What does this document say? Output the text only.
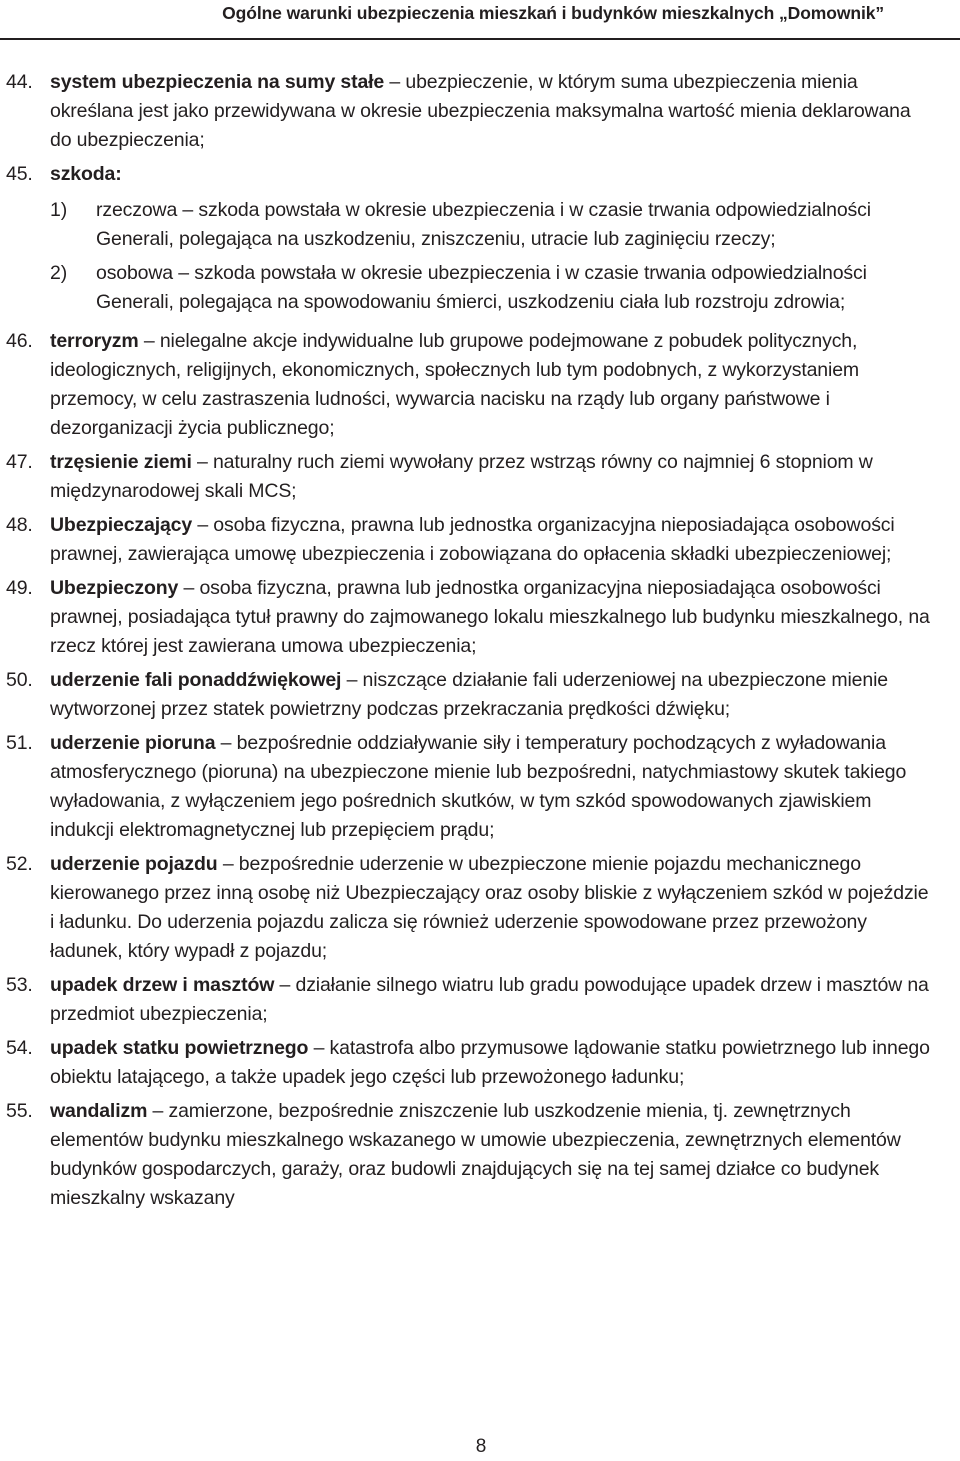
Ogólne warunki ubezpieczenia mieszkań i budynków mieszkalnych „Domownik”
44. system ubezpieczenia na sumy stałe – ubezpieczenie, w którym suma ubezpieczenia mienia określana jest jako przewidywana w okresie ubezpieczenia maksymalna wartość mienia deklarowana do ubezpieczenia;
45. szkoda:
1)	rzeczowa – szkoda powstała w okresie ubezpieczenia i w czasie trwania odpowiedzialności Generali, polegająca na uszkodzeniu, zniszczeniu, utracie lub zaginięciu rzeczy;
2)	osobowa – szkoda powstała w okresie ubezpieczenia i w czasie trwania odpowiedzialności Generali, polegająca na spowodowaniu śmierci, uszkodzeniu ciała lub rozstroju zdrowia;
46. terroryzm – nielegalne akcje indywidualne lub grupowe podejmowane z pobudek politycznych, ideologicznych, religijnych, ekonomicznych, społecznych lub tym podobnych, z wykorzystaniem przemocy, w celu zastraszenia ludności, wywarcia nacisku na rządy lub organy państwowe i dezorganizacji życia publicznego;
47. trzęsienie ziemi – naturalny ruch ziemi wywołany przez wstrząs równy co najmniej 6 stopniom w międzynarodowej skali MCS;
48. Ubezpieczający – osoba fizyczna, prawna lub jednostka organizacyjna nieposiadająca osobowości prawnej, zawierająca umowę ubezpieczenia i zobowiązana do opłacenia składki ubezpieczeniowej;
49. Ubezpieczony – osoba fizyczna, prawna lub jednostka organizacyjna nieposiadająca osobowości prawnej, posiadająca tytuł prawny do zajmowanego lokalu mieszkalnego lub budynku mieszkalnego, na rzecz której jest zawierana umowa ubezpieczenia;
50. uderzenie fali ponaddźwiękowej – niszczące działanie fali uderzeniowej na ubezpieczone mienie wytworzonej przez statek powietrzny podczas przekraczania prędkości dźwięku;
51. uderzenie pioruna – bezpośrednie oddziaływanie siły i temperatury pochodzących z wyładowania atmosferycznego (pioruna) na ubezpieczone mienie lub bezpośredni, natychmiastowy skutek takiego wyładowania, z wyłączeniem jego pośrednich skutków, w tym szkód spowodowanych zjawiskiem indukcji elektromagnetycznej lub przepięciem prądu;
52. uderzenie pojazdu – bezpośrednie uderzenie w ubezpieczone mienie pojazdu mechanicznego kierowanego przez inną osobę niż Ubezpieczający oraz osoby bliskie z wyłączeniem szkód w pojeździe i ładunku. Do uderzenia pojazdu zalicza się również uderzenie spowodowane przez przewożony ładunek, który wypadł z pojazdu;
53. upadek drzew i masztów – działanie silnego wiatru lub gradu powodujące upadek drzew i masztów na przedmiot ubezpieczenia;
54. upadek statku powietrznego – katastrofa albo przymusowe lądowanie statku powietrznego lub innego obiektu latającego, a także upadek jego części lub przewożonego ładunku;
55. wandalizm – zamierzone, bezpośrednie zniszczenie lub uszkodzenie mienia, tj. zewnętrznych elementów budynku mieszkalnego wskazanego w umowie ubezpieczenia, zewnętrznych elementów budynków gospodarczych, garaży, oraz budowli znajdujących się na tej samej działce co budynek mieszkalny wskazany
8
